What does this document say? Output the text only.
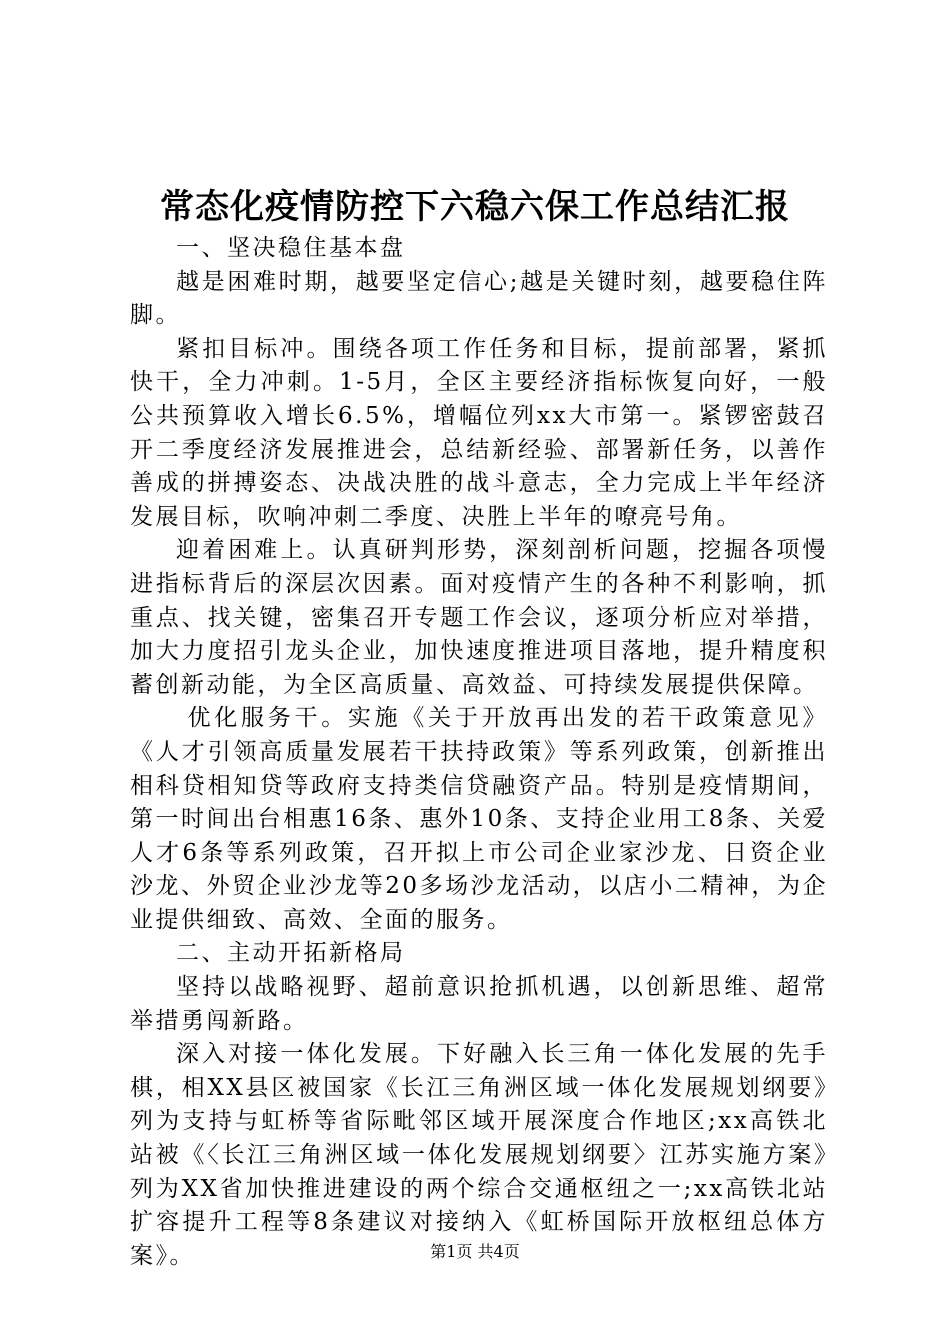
常态化疫情防控下六稳六保工作总结汇报

一、坚决稳住基本盘

越是困难时期，越要坚定信心;越是关键时刻，越要稳住阵脚。

紧扣目标冲。围绕各项工作任务和目标，提前部署，紧抓快干，全力冲刺。1-5月，全区主要经济指标恢复向好，一般公共预算收入增长6.5%，增幅位列xx大市第一。紧锣密鼓召开二季度经济发展推进会，总结新经验、部署新任务，以善作善成的拼搏姿态、决战决胜的战斗意志，全力完成上半年经济发展目标，吹响冲刺二季度、决胜上半年的嘹亮号角。

迎着困难上。认真研判形势，深刻剖析问题，挖掘各项慢进指标背后的深层次因素。面对疫情产生的各种不利影响，抓重点、找关键，密集召开专题工作会议，逐项分析应对举措，加大力度招引龙头企业，加快速度推进项目落地，提升精度积蓄创新动能，为全区高质量、高效益、可持续发展提供保障。

优化服务干。实施《关于开放再出发的若干政策意见》《人才引领高质量发展若干扶持政策》等系列政策，创新推出相科贷相知贷等政府支持类信贷融资产品。特别是疫情期间，第一时间出台相惠16条、惠外10条、支持企业用工8条、关爱人才6条等系列政策，召开拟上市公司企业家沙龙、日资企业沙龙、外贸企业沙龙等20多场沙龙活动，以店小二精神，为企业提供细致、高效、全面的服务。

二、主动开拓新格局

坚持以战略视野、超前意识抢抓机遇，以创新思维、超常举措勇闯新路。

深入对接一体化发展。下好融入长三角一体化发展的先手棋，相XX县区被国家《长江三角洲区域一体化发展规划纲要》列为支持与虹桥等省际毗邻区域开展深度合作地区;xx高铁北站被《〈长江三角洲区域一体化发展规划纲要〉江苏实施方案》列为XX省加快推进建设的两个综合交通枢纽之一;xx高铁北站扩容提升工程等8条建议对接纳入《虹桥国际开放枢纽总体方案》。	第1页 共4页
